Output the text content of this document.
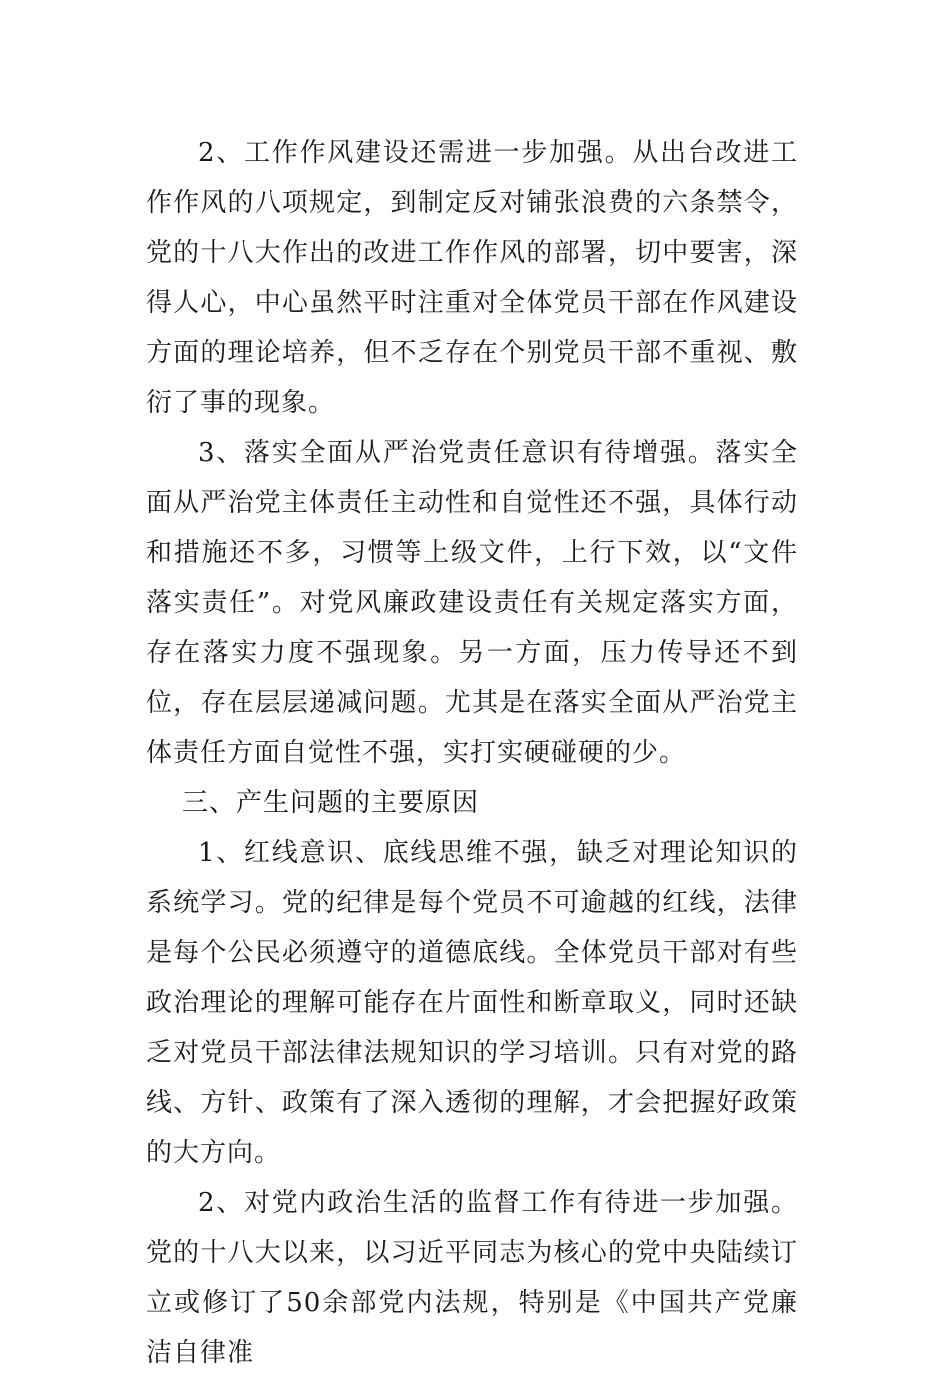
2、工作作风建设还需进一步加强。从出台改进工作作风的八项规定，到制定反对铺张浪费的六条禁令，党的十八大作出的改进工作作风的部署，切中要害，深得人心，中心虽然平时注重对全体党员干部在作风建设方面的理论培养，但不乏存在个别党员干部不重视、敷衍了事的现象。

3、落实全面从严治党责任意识有待增强。落实全面从严治党主体责任主动性和自觉性还不强，具体行动和措施还不多，习惯等上级文件，上行下效，以“文件落实责任”。对党风廉政建设责任有关规定落实方面，存在落实力度不强现象。另一方面，压力传导还不到位，存在层层递减问题。尤其是在落实全面从严治党主体责任方面自觉性不强，实打实硬碰硬的少。

三、产生问题的主要原因

1、红线意识、底线思维不强，缺乏对理论知识的系统学习。党的纪律是每个党员不可逾越的红线，法律是每个公民必须遵守的道德底线。全体党员干部对有些政治理论的理解可能存在片面性和断章取义，同时还缺乏对党员干部法律法规知识的学习培训。只有对党的路线、方针、政策有了深入透彻的理解，才会把握好政策的大方向。

2、对党内政治生活的监督工作有待进一步加强。党的十八大以来，以习近平同志为核心的党中央陆续订立或修订了50余部党内法规，特别是《中国共产党廉洁自律准
